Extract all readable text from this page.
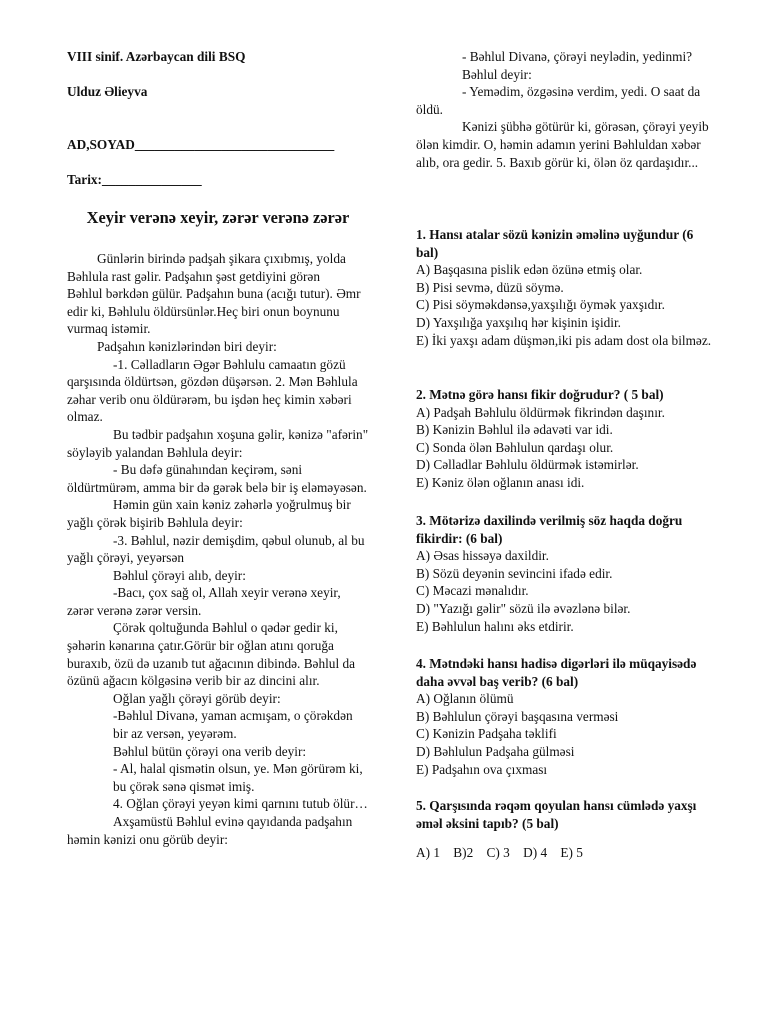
VIII sinif. Azərbaycan dili BSQ
Ulduz Əlieyva
AD,SOYAD______________________________
Tarix:_______________
Xeyir verənə xeyir, zərər verənə zərər

Günlərin birində padşah şikara çıxıbmış, yolda Bəhlula rast gəlir. Padşahın şəst getdiyini görən

Bəhlul bərkdən gülür. Padşahın buna (acığı tutur). Əmr edir ki, Bəhlulu öldürsünlər.Heç biri onun boynunu vurmaq istəmir.

Padşahın kənizlərindən biri deyir:

-1. Cəlladların Əgər Bəhlulu camaatın gözü qarşısında öldürtsən, gözdən düşərsən. 2. Mən Bəhlula zəhar verib onu öldürərəm, bu işdən heç kimin xəbəri olmaz.

Bu tədbir padşahın xoşuna gəlir, kənizə "afərin" söyləyib yalandan Bəhlula deyir:

- Bu dəfə günahından keçirəm, səni öldürtmürəm, amma bir də gərək belə bir iş eləməyəsən.

Həmin gün xain kəniz zəhərlə yoğrulmuş bir yağlı çörək bişirib Bəhlula deyir:

-3. Bəhlul, nəzir demişdim, qəbul olunub, al bu yağlı çörəyi, yeyərsən

Bəhlul çörəyi alıb, deyir:

-Bacı, çox sağ ol, Allah xeyir verənə xeyir, zərər verənə zərər versin.

Çörək qoltuğunda Bəhlul o qədər gedir ki, şəhərin kənarına çatır.Görür bir oğlan atını qoruğa buraxıb, özü də uzanıb tut ağacının dibində. Bəhlul da özünü ağacın kölgəsinə verib bir az dincini alır.

Oğlan yağlı çörəyi görüb deyir:

-Bəhlul Divanə, yaman acmışam, o çörəkdən bir az versən, yeyərəm.

Bəhlul bütün çörəyi ona verib deyir:

- Al, halal qismətin olsun, ye. Mən görürəm ki, bu çörək sənə qismət imiş.

4. Oğlan çörəyi yeyən kimi qarnını tutub ölür…

Axşamüstü Bəhlul evinə qayıdanda padşahın həmin kənizi onu görüb deyir:

- Bəhlul Divanə, çörəyi neylədin, yedinmi?

Bəhlul deyir:

- Yemədim, özgəsinə verdim, yedi. O saat da öldü.

Kənizi şübhə götürür ki, görəsən, çörəyi yeyib ölən kimdir. O, həmin adamın yerini Bəhluldan xəbər alıb, ora gedir. 5. Baxıb görür ki, ölən öz qardaşıdır...

1. Hansı atalar sözü kənizin əməlinə uyğundur (6 bal)
A) Başqasına pislik edən özünə etmiş olar.
B) Pisi sevmə, düzü söymə.
C) Pisi söyməkdənsə,yaxşılığı öymək yaxşıdır.
D) Yaxşılığa yaxşılıq hər kişinin işidir.
E) İki yaxşı adam düşmən,iki pis adam dost ola bilməz.
2. Mətnə görə hansı fikir doğrudur? ( 5 bal)
A) Padşah Bəhlulu öldürmək fikrindən daşınır.
B) Kənizin Bəhlul ilə ədavəti var idi.
C) Sonda ölən Bəhlulun qardaşı olur.
D) Cəlladlar Bəhlulu öldürmək istəmirlər.
E) Kəniz ölən oğlanın anası idi.
3. Mötərizə daxilində verilmiş söz haqda doğru fikirdir: (6 bal)
A) Əsas hissəyə daxildir.
B) Sözü deyənin sevincini ifadə edir.
C) Məcazi mənalıdır.
D) "Yazığı gəlir" sözü ilə əvəzlənə bilər.
E) Bəhlulun halını əks etdirir.
4. Mətndəki hansı hadisə digərləri ilə müqayisədə daha əvvəl baş verib? (6 bal)
A) Oğlanın ölümü
B) Bəhlulun çörəyi başqasına verməsi
C) Kənizin Padşaha təklifi
D) Bəhlulun Padşaha gülməsi
E) Padşahın ova çıxması
5. Qarşısında rəqəm qoyulan hansı cümlədə yaxşı əməl əksini tapıb? (5 bal)
A) 1    B)2    C) 3    D) 4    E) 5
